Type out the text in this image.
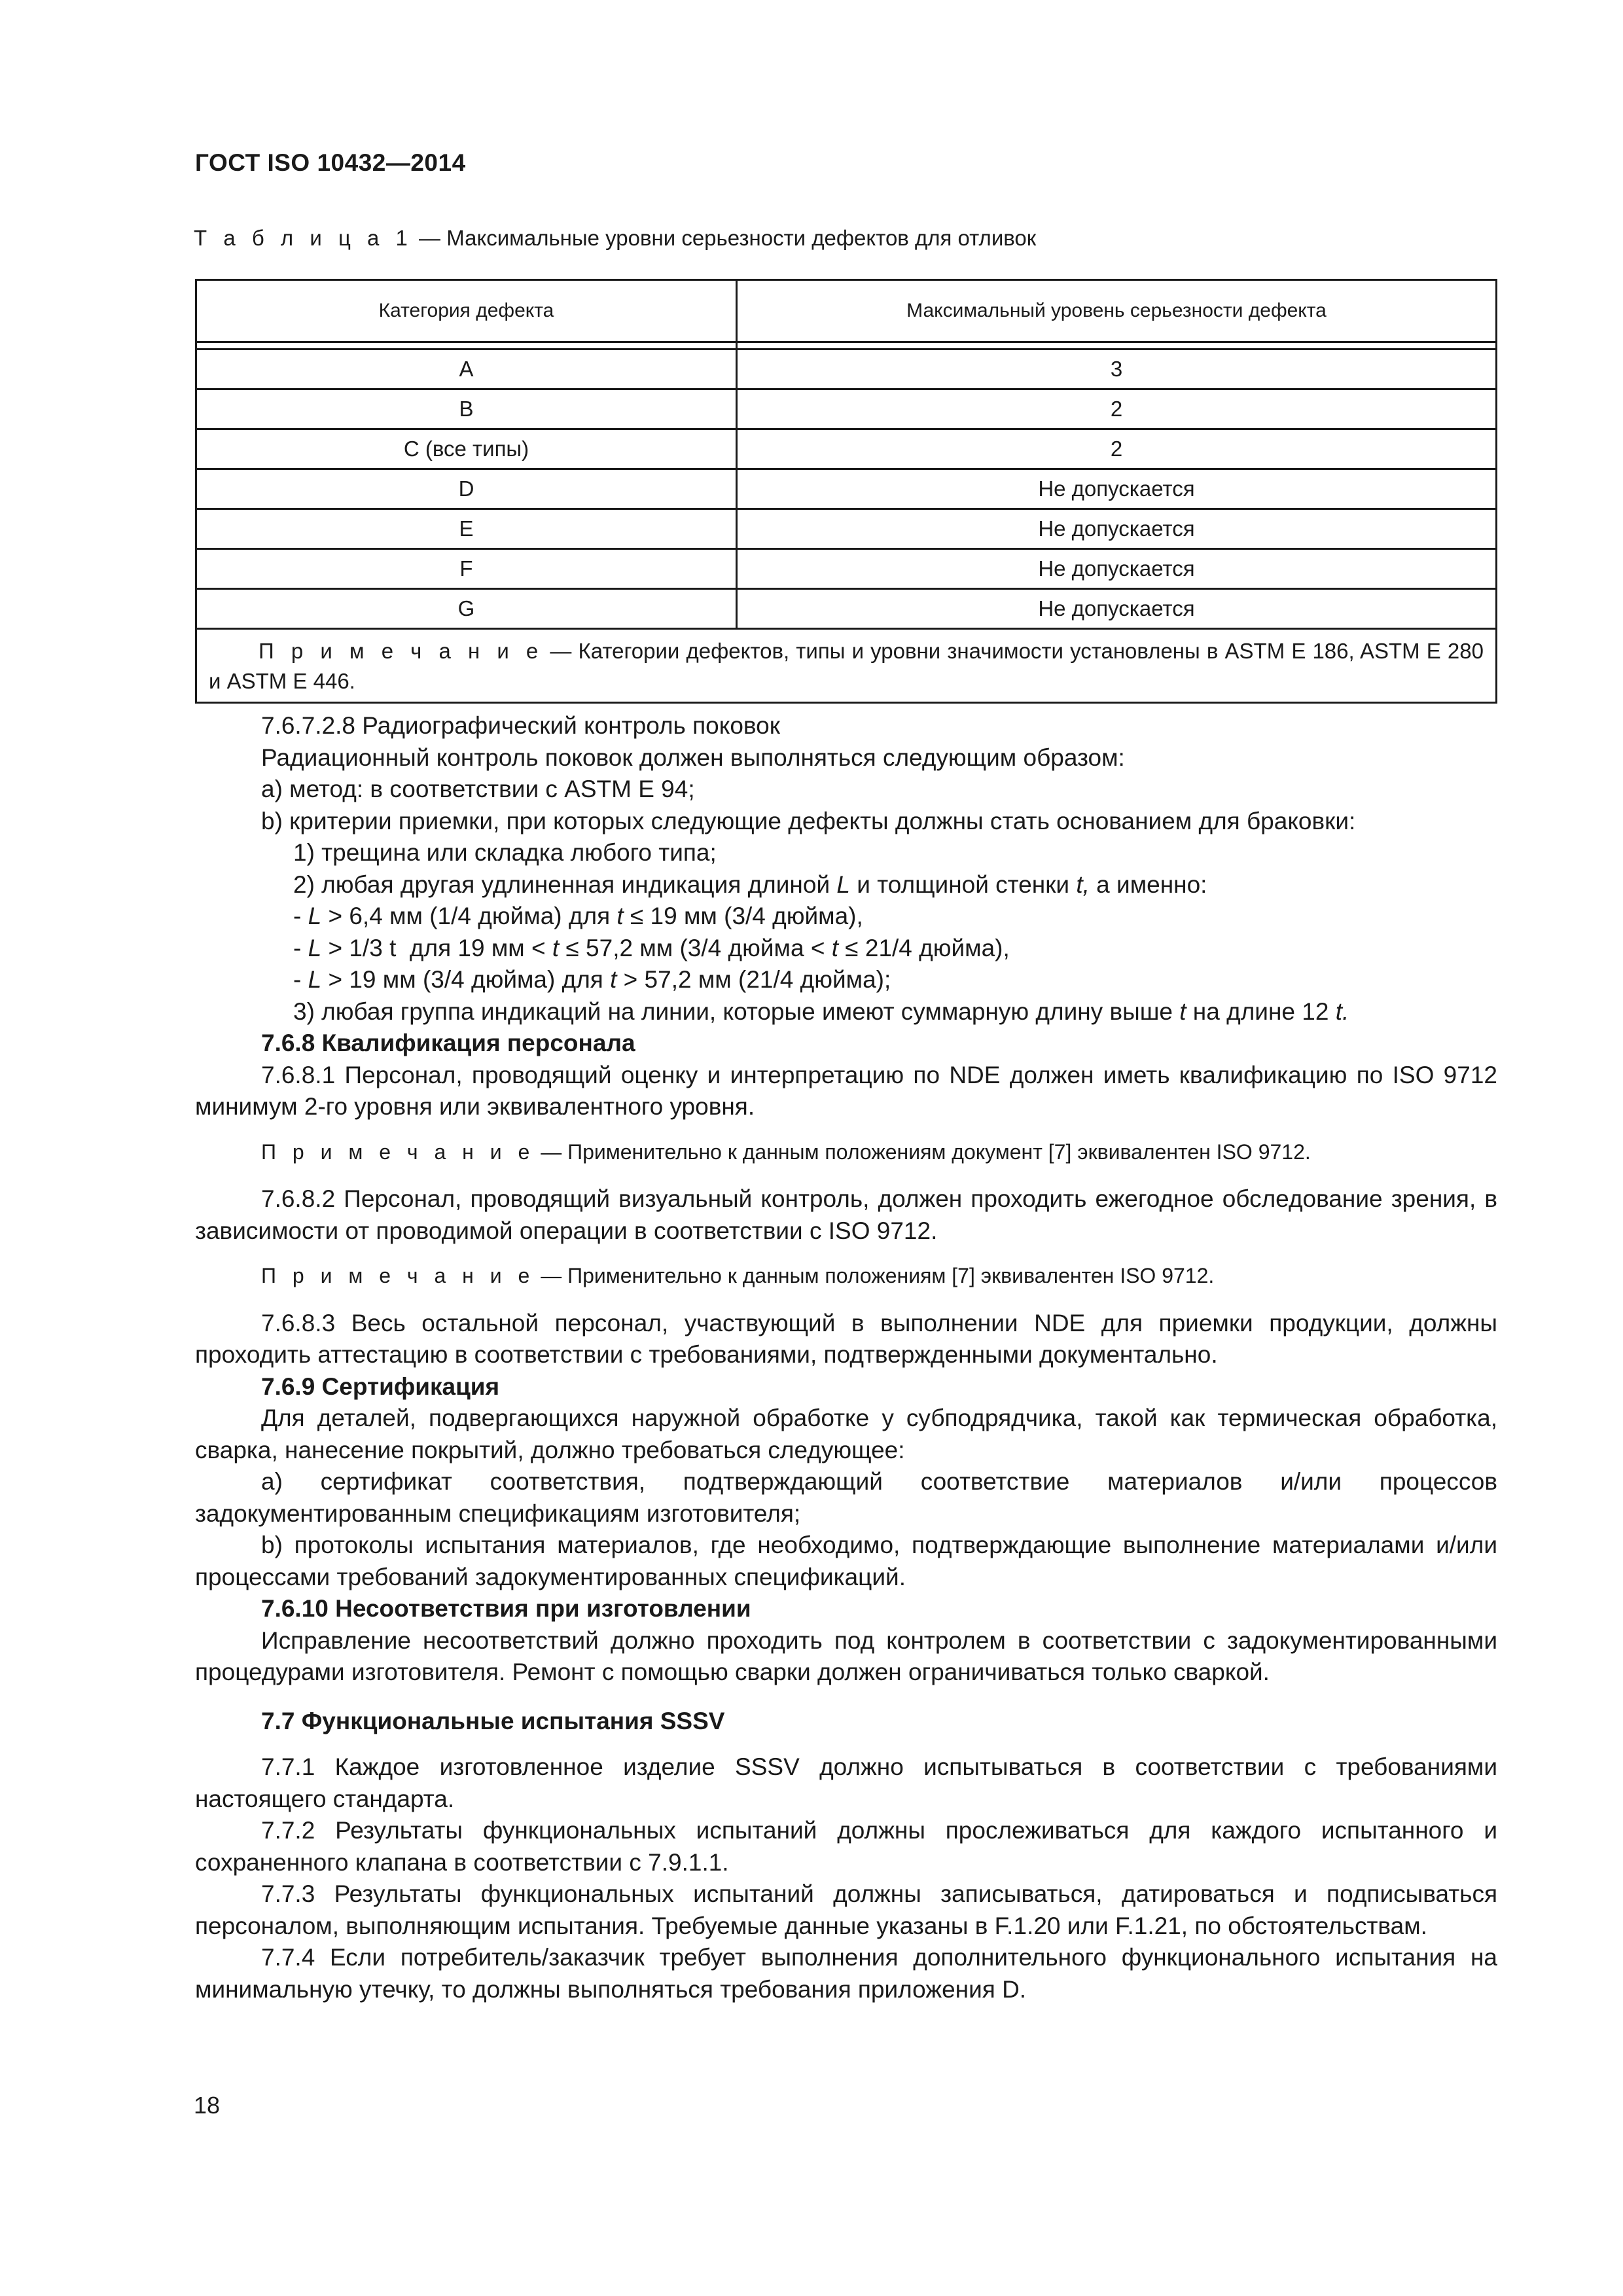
ГОСТ ISO 10432—2014
Т а б л и ц а 1 — Максимальные уровни серьезности дефектов для отливок
Категория дефекта	Максимальный уровень серьезности дефекта

A	3
B	2
C (все типы)	2
D	Не допускается
E	Не допускается
F	Не допускается
G	Не допускается
П р и м е ч а н и е — Категории дефектов, типы и уровни значимости установлены в ASTM E 186, ASTM E 280 и ASTM E 446.	

7.6.7.2.8 Радиографический контроль поковок

Радиационный контроль поковок должен выполняться следующим образом:

a) метод: в соответствии с ASTM E 94;

b) критерии приемки, при которых следующие дефекты должны стать основанием для браковки:

1) трещина или складка любого типа;

2) любая другая удлиненная индикация длиной L и толщиной стенки t, а именно:

- L > 6,4 мм (1/4 дюйма) для t ≤ 19 мм (3/4 дюйма),

- L > 1/3 t  для 19 мм < t ≤ 57,2 мм (3/4 дюйма < t ≤ 21/4 дюйма),

- L > 19 мм (3/4 дюйма) для t > 57,2 мм (21/4 дюйма);

3) любая группа индикаций на линии, которые имеют суммарную длину выше t на длине 12 t.

7.6.8 Квалификация персонала

7.6.8.1 Персонал, проводящий оценку и интерпретацию по NDE должен иметь квалификацию по ISO 9712 минимум 2-го уровня или эквивалентного уровня.

П р и м е ч а н и е — Применительно к данным положениям документ [7] эквивалентен ISO 9712.

7.6.8.2 Персонал, проводящий визуальный контроль, должен проходить ежегодное обследование зрения, в зависимости от проводимой операции в соответствии с ISO 9712.

П р и м е ч а н и е — Применительно к данным положениям [7] эквивалентен ISO 9712.

7.6.8.3 Весь остальной персонал, участвующий в выполнении NDE для приемки продукции, должны проходить аттестацию в соответствии с требованиями, подтвержденными документально.

7.6.9 Сертификация

Для деталей, подвергающихся наружной обработке у субподрядчика, такой как термическая обработка, сварка, нанесение покрытий, должно требоваться следующее:

a) сертификат соответствия, подтверждающий соответствие материалов и/или процессов задокументированным спецификациям изготовителя;

b) протоколы испытания материалов, где необходимо, подтверждающие выполнение материалами и/или процессами требований задокументированных спецификаций.

7.6.10 Несоответствия при изготовлении

Исправление несоответствий должно проходить под контролем в соответствии с задокументированными процедурами изготовителя. Ремонт с помощью сварки должен ограничиваться только сваркой.

7.7 Функциональные испытания SSSV

7.7.1 Каждое изготовленное изделие SSSV должно испытываться в соответствии с требованиями настоящего стандарта.

7.7.2 Результаты функциональных испытаний должны прослеживаться для каждого испытанного и сохраненного клапана в соответствии с 7.9.1.1.

7.7.3 Результаты функциональных испытаний должны записываться, датироваться и подписываться персоналом, выполняющим испытания. Требуемые данные указаны в F.1.20 или F.1.21, по обстоятельствам.

7.7.4 Если потребитель/заказчик требует выполнения дополнительного функционального испытания на минимальную утечку, то должны выполняться требования приложения D.

18
